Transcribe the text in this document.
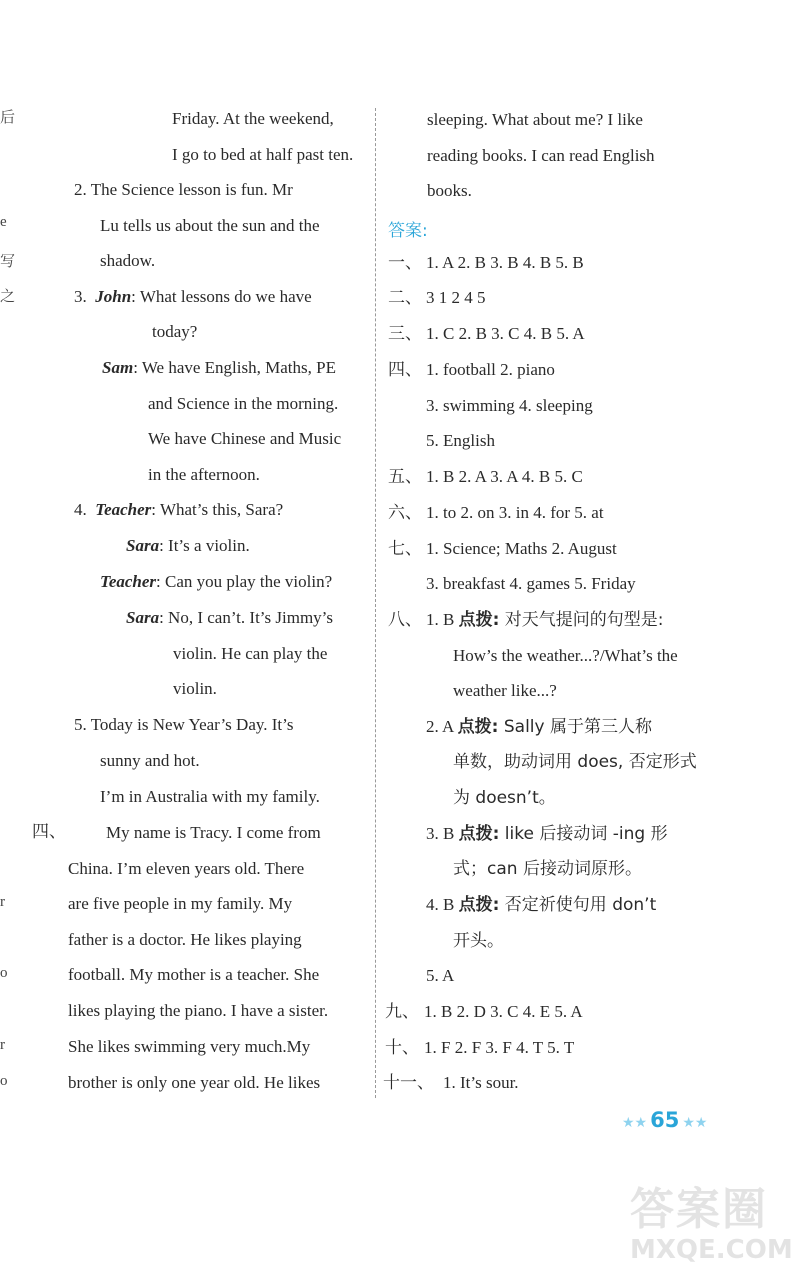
后
e
写
之
r
o
r
o
Friday. At the weekend,
I go to bed at half past ten.
2. The Science lesson is fun. Mr
Lu tells us about the sun and the
shadow.
3. John: What lessons do we have
today?
Sam: We have English, Maths, PE
and Science in the morning.
We have Chinese and Music
in the afternoon.
4. Teacher: What’s this, Sara?
Sara: It’s a violin.
Teacher: Can you play the violin?
Sara: No, I can’t. It’s Jimmy’s
violin. He can play the
violin.
5. Today is New Year’s Day. It’s
sunny and hot.
I’m in Australia with my family.
四、 My name is Tracy. I come from
China. I’m eleven years old. There
are five people in my family. My
father is a doctor. He likes playing
football. My mother is a teacher. She
likes playing the piano. I have a sister.
She likes swimming very much.My
brother is only one year old. He likes
sleeping. What about me? I like
reading books. I can read English
books.
答案:
一、 1. A 2. B 3. B 4. B 5. B
二、 3 1 2 4 5
三、 1. C 2. B 3. C 4. B 5. A
四、 1. football 2. piano
3. swimming 4. sleeping
5. English
五、 1. B 2. A 3. A 4. B 5. C
六、 1. to 2. on 3. in 4. for 5. at
七、 1. Science; Maths 2. August
3. breakfast 4. games 5. Friday
八、 1. B 点拨: 对天气提问的句型是:
How’s the weather...?/What’s the
weather like...?
2. A 点拨: Sally 属于第三人称
单数，助动词用 does, 否定形式
为 doesn’t。
3. B 点拨: like 后接动词 -ing 形
式；can 后接动词原形。
4. B 点拨: 否定祈使句用 don’t
开头。
5. A
九、 1. B 2. D 3. C 4. E 5. A
十、 1. F 2. F 3. F 4. T 5. T
十一、 1. It’s sour.
★★ 65 ★★
答案圈
MXQE.COM
